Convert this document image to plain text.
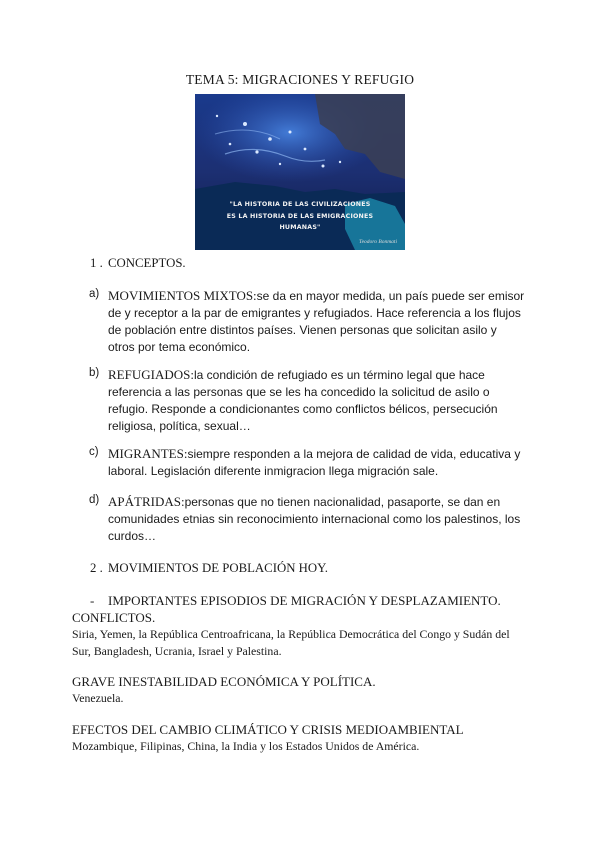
TEMA 5: MIGRACIONES Y REFUGIO
"LA HISTORIA DE LAS CIVILIZACIONES
ES LA HISTORIA DE LAS EMIGRACIONES
HUMANAS"
Teodoro Bonmati
1 . CONCEPTOS.
a) MOVIMIENTOS MIXTOS:se da en mayor medida, un país puede ser emisor
de y receptor a la par de emigrantes y refugiados. Hace referencia a los flujos
de población entre distintos países. Vienen personas que solicitan asilo y
otros por tema económico.
b) REFUGIADOS:la condición de refugiado es un término legal que hace
referencia a las personas que se les ha concedido la solicitud de asilo o
refugio. Responde a condicionantes como conflictos bélicos, persecución
religiosa, política, sexual…
c) MIGRANTES:siempre responden a la mejora de calidad de vida, educativa y
laboral. Legislación diferente inmigracion llega migración sale.
d) APÁTRIDAS:personas que no tienen nacionalidad, pasaporte, se dan en
comunidades etnias sin reconocimiento internacional como los palestinos, los
curdos…
2 . MOVIMIENTOS DE POBLACIÓN HOY.
- IMPORTANTES EPISODIOS DE MIGRACIÓN Y DESPLAZAMIENTO.
CONFLICTOS.
Siria, Yemen, la República Centroafricana, la República Democrática del Congo y Sudán del
Sur, Bangladesh, Ucrania, Israel y Palestina.
GRAVE INESTABILIDAD ECONÓMICA Y POLÍTICA.
Venezuela.
EFECTOS DEL CAMBIO CLIMÁTICO Y CRISIS MEDIOAMBIENTAL
Mozambique, Filipinas, China, la India y los Estados Unidos de América.
